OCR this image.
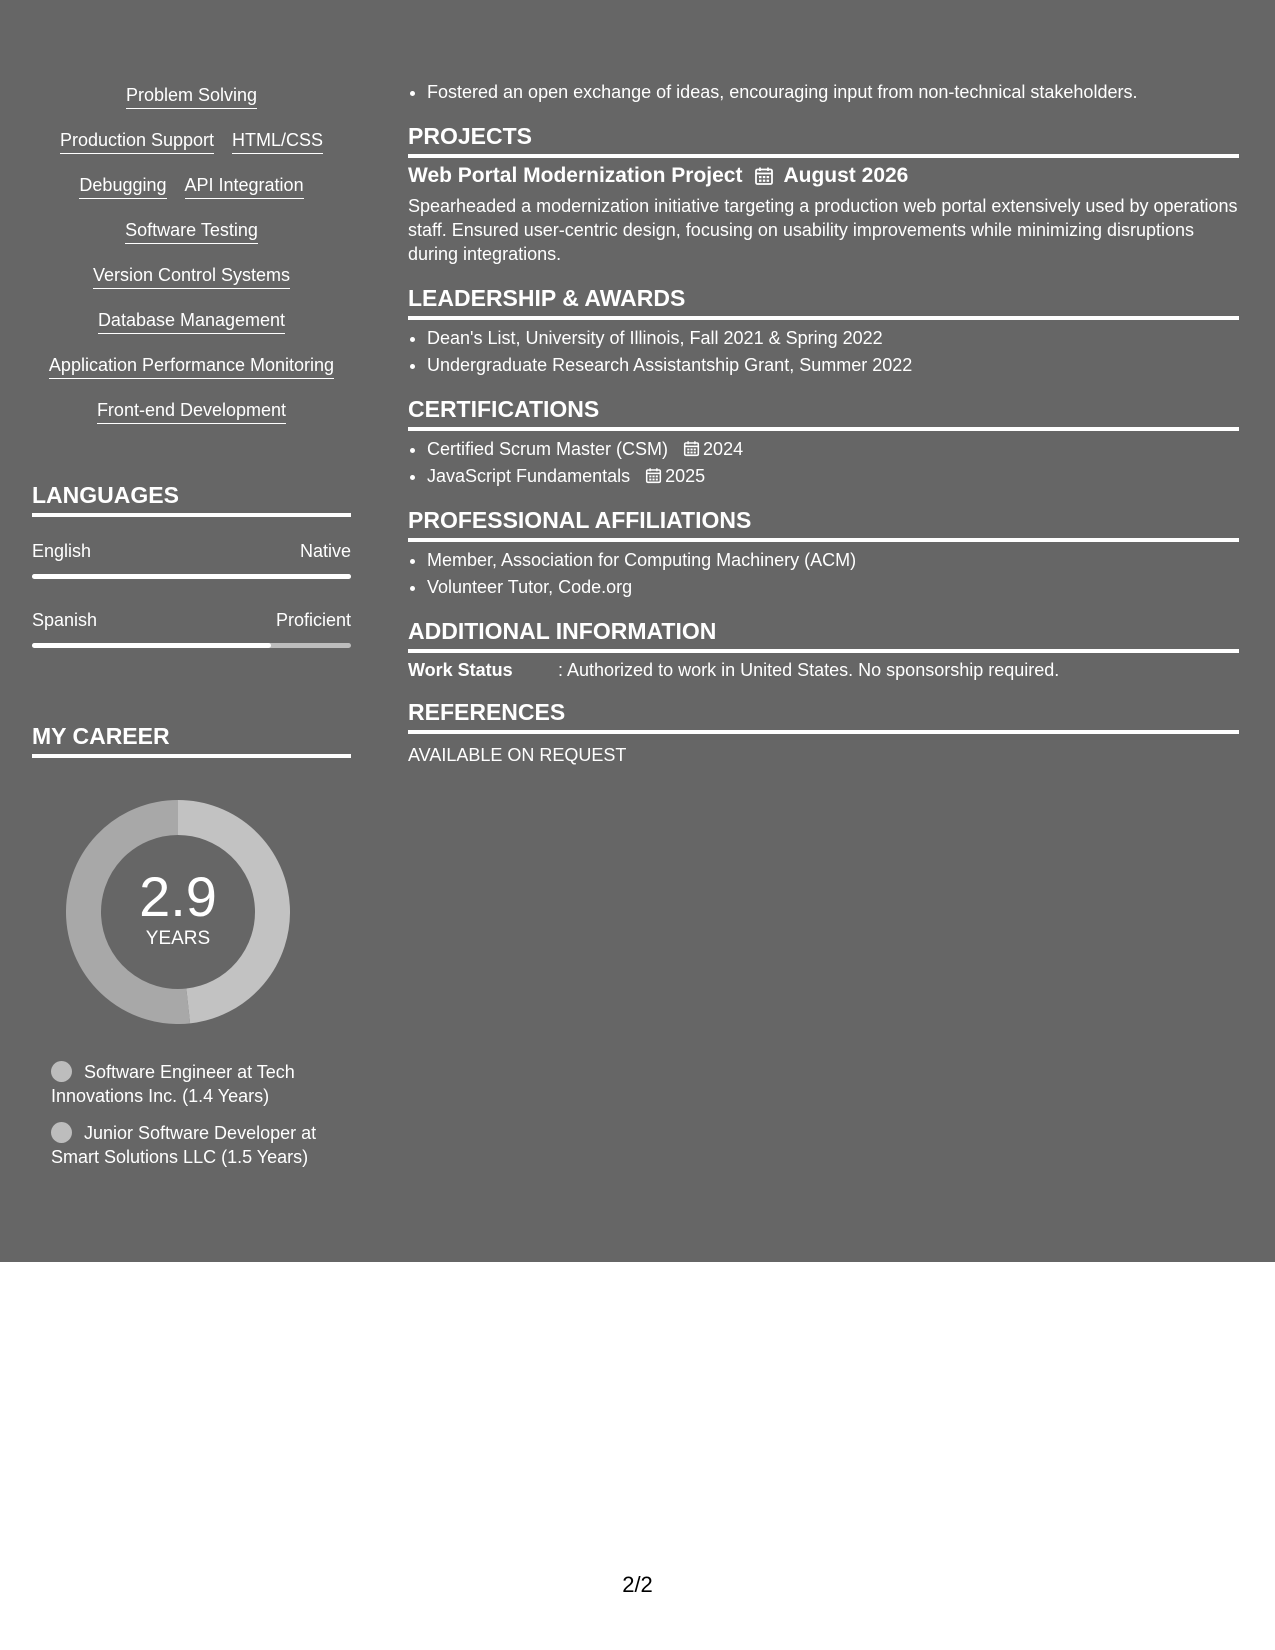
Problem Solving
Production Support HTML/CSS
Debugging API Integration
Software Testing
Version Control Systems
Database Management
Application Performance Monitoring
Front-end Development
LANGUAGES
English	Native
Spanish	Proficient
MY CAREER
2.9
YEARS
Software Engineer at Tech Innovations Inc. (1.4 Years)
Junior Software Developer at Smart Solutions LLC (1.5 Years)
• Fostered an open exchange of ideas, encouraging input from non-technical stakeholders.
PROJECTS
Web Portal Modernization Project August 2026
Spearheaded a modernization initiative targeting a production web portal extensively used by operations staff. Ensured user-centric design, focusing on usability improvements while minimizing disruptions during integrations.
LEADERSHIP & AWARDS
• Dean's List, University of Illinois, Fall 2021 & Spring 2022
• Undergraduate Research Assistantship Grant, Summer 2022
CERTIFICATIONS
• Certified Scrum Master (CSM) 2024
• JavaScript Fundamentals 2025
PROFESSIONAL AFFILIATIONS
• Member, Association for Computing Machinery (ACM)
• Volunteer Tutor, Code.org
ADDITIONAL INFORMATION
Work Status	: Authorized to work in United States. No sponsorship required.
REFERENCES
AVAILABLE ON REQUEST
2/2
